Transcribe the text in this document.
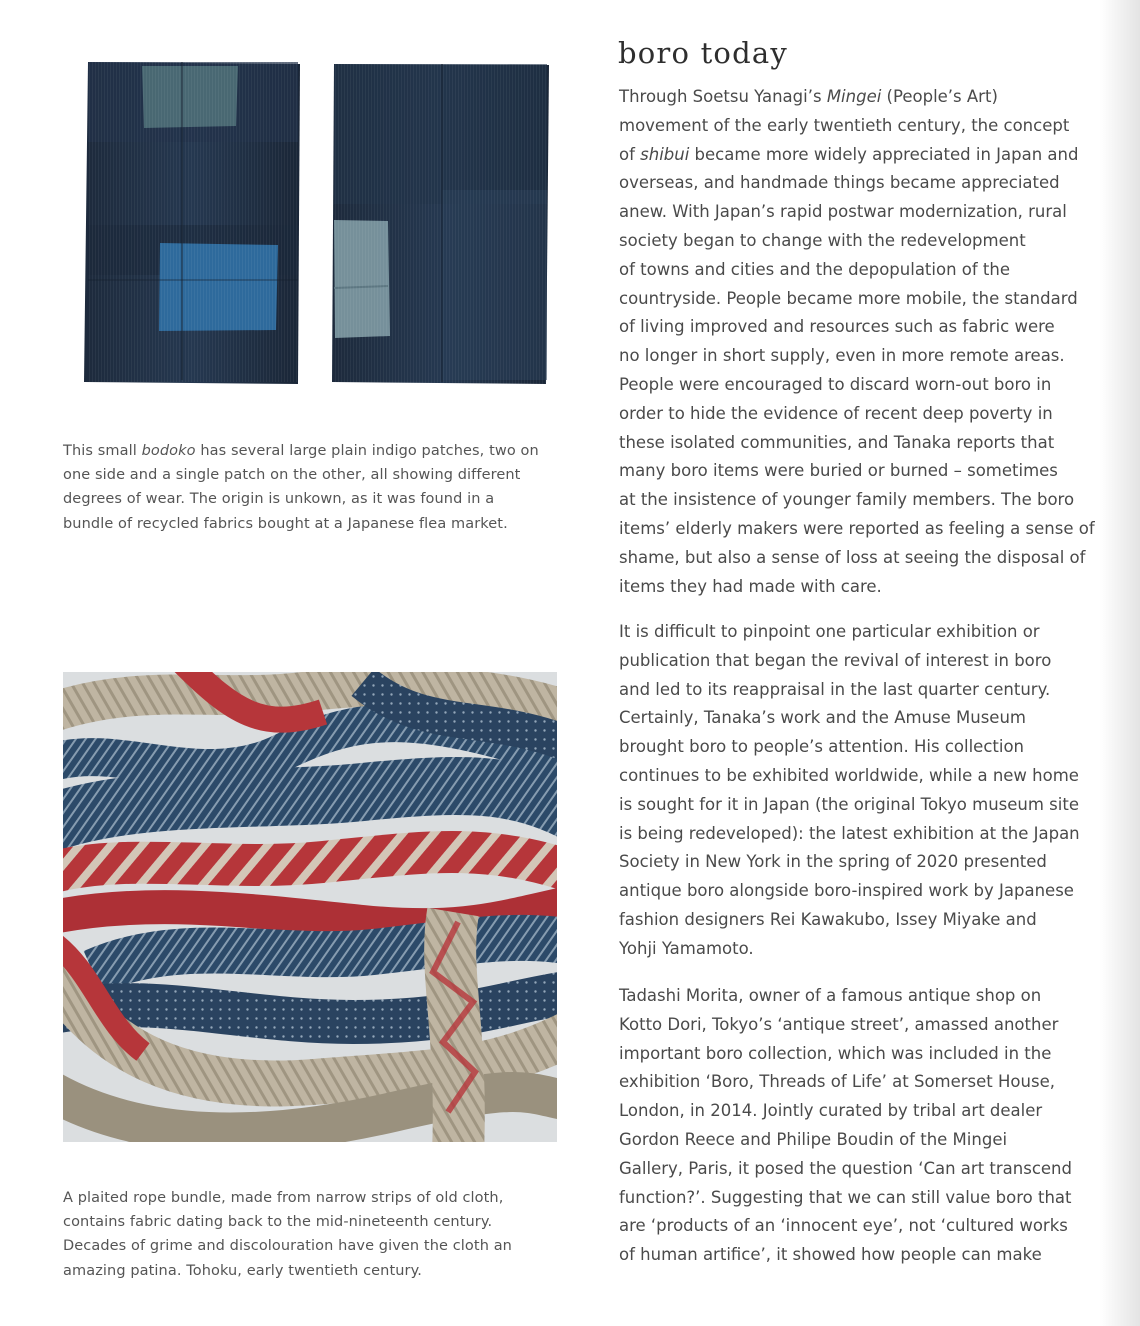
This small bodoko has several large plain indigo patches, two on
one side and a single patch on the other, all showing different
degrees of wear. The origin is unkown, as it was found in a
bundle of recycled fabrics bought at a Japanese flea market.
A plaited rope bundle, made from narrow strips of old cloth,
contains fabric dating back to the mid-nineteenth century.
Decades of grime and discolouration have given the cloth an
amazing patina. Tohoku, early twentieth century.
boro today
Through Soetsu Yanagi’s Mingei (People’s Art)
movement of the early twentieth century, the concept
of shibui became more widely appreciated in Japan and
overseas, and handmade things became appreciated
anew. With Japan’s rapid postwar modernization, rural
society began to change with the redevelopment
of towns and cities and the depopulation of the
countryside. People became more mobile, the standard
of living improved and resources such as fabric were
no longer in short supply, even in more remote areas.
People were encouraged to discard worn-out boro in
order to hide the evidence of recent deep poverty in
these isolated communities, and Tanaka reports that
many boro items were buried or burned – sometimes
at the insistence of younger family members. The boro
items’ elderly makers were reported as feeling a sense of
shame, but also a sense of loss at seeing the disposal of
items they had made with care.
It is difficult to pinpoint one particular exhibition or
publication that began the revival of interest in boro
and led to its reappraisal in the last quarter century.
Certainly, Tanaka’s work and the Amuse Museum
brought boro to people’s attention. His collection
continues to be exhibited worldwide, while a new home
is sought for it in Japan (the original Tokyo museum site
is being redeveloped): the latest exhibition at the Japan
Society in New York in the spring of 2020 presented
antique boro alongside boro-inspired work by Japanese
fashion designers Rei Kawakubo, Issey Miyake and
Yohji Yamamoto.
Tadashi Morita, owner of a famous antique shop on
Kotto Dori, Tokyo’s ‘antique street’, amassed another
important boro collection, which was included in the
exhibition ‘Boro, Threads of Life’ at Somerset House,
London, in 2014. Jointly curated by tribal art dealer
Gordon Reece and Philipe Boudin of the Mingei
Gallery, Paris, it posed the question ‘Can art transcend
function?’. Suggesting that we can still value boro that
are ‘products of an ‘innocent eye’, not ‘cultured works
of human artifice’, it showed how people can make
